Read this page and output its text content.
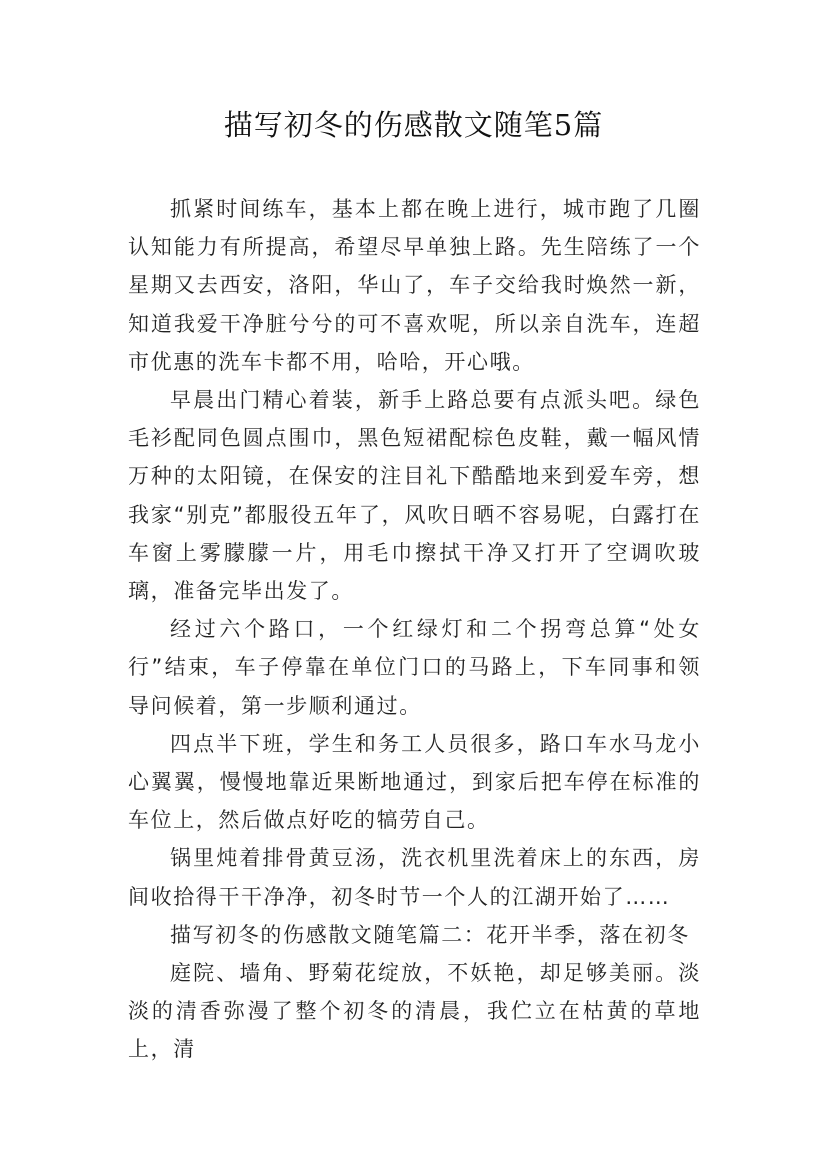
描写初冬的伤感散文随笔5篇

抓紧时间练车，基本上都在晚上进行，城市跑了几圈认知能力有所提高，希望尽早单独上路。先生陪练了一个星期又去西安，洛阳，华山了，车子交给我时焕然一新，知道我爱干净脏兮兮的可不喜欢呢，所以亲自洗车，连超市优惠的洗车卡都不用，哈哈，开心哦。

早晨出门精心着装，新手上路总要有点派头吧。绿色毛衫配同色圆点围巾，黑色短裙配棕色皮鞋，戴一幅风情万种的太阳镜，在保安的注目礼下酷酷地来到爱车旁，想我家“别克”都服役五年了，风吹日晒不容易呢，白露打在车窗上雾朦朦一片，用毛巾擦拭干净又打开了空调吹玻璃，准备完毕出发了。

经过六个路口，一个红绿灯和二个拐弯总算“处女行”结束，车子停靠在单位门口的马路上，下车同事和领导问候着，第一步顺利通过。

四点半下班，学生和务工人员很多，路口车水马龙小心翼翼，慢慢地靠近果断地通过，到家后把车停在标准的车位上，然后做点好吃的犒劳自己。

锅里炖着排骨黄豆汤，洗衣机里洗着床上的东西，房间收拾得干干净净，初冬时节一个人的江湖开始了……

描写初冬的伤感散文随笔篇二：花开半季，落在初冬

庭院、墙角、野菊花绽放，不妖艳，却足够美丽。淡淡的清香弥漫了整个初冬的清晨，我伫立在枯黄的草地上，清
